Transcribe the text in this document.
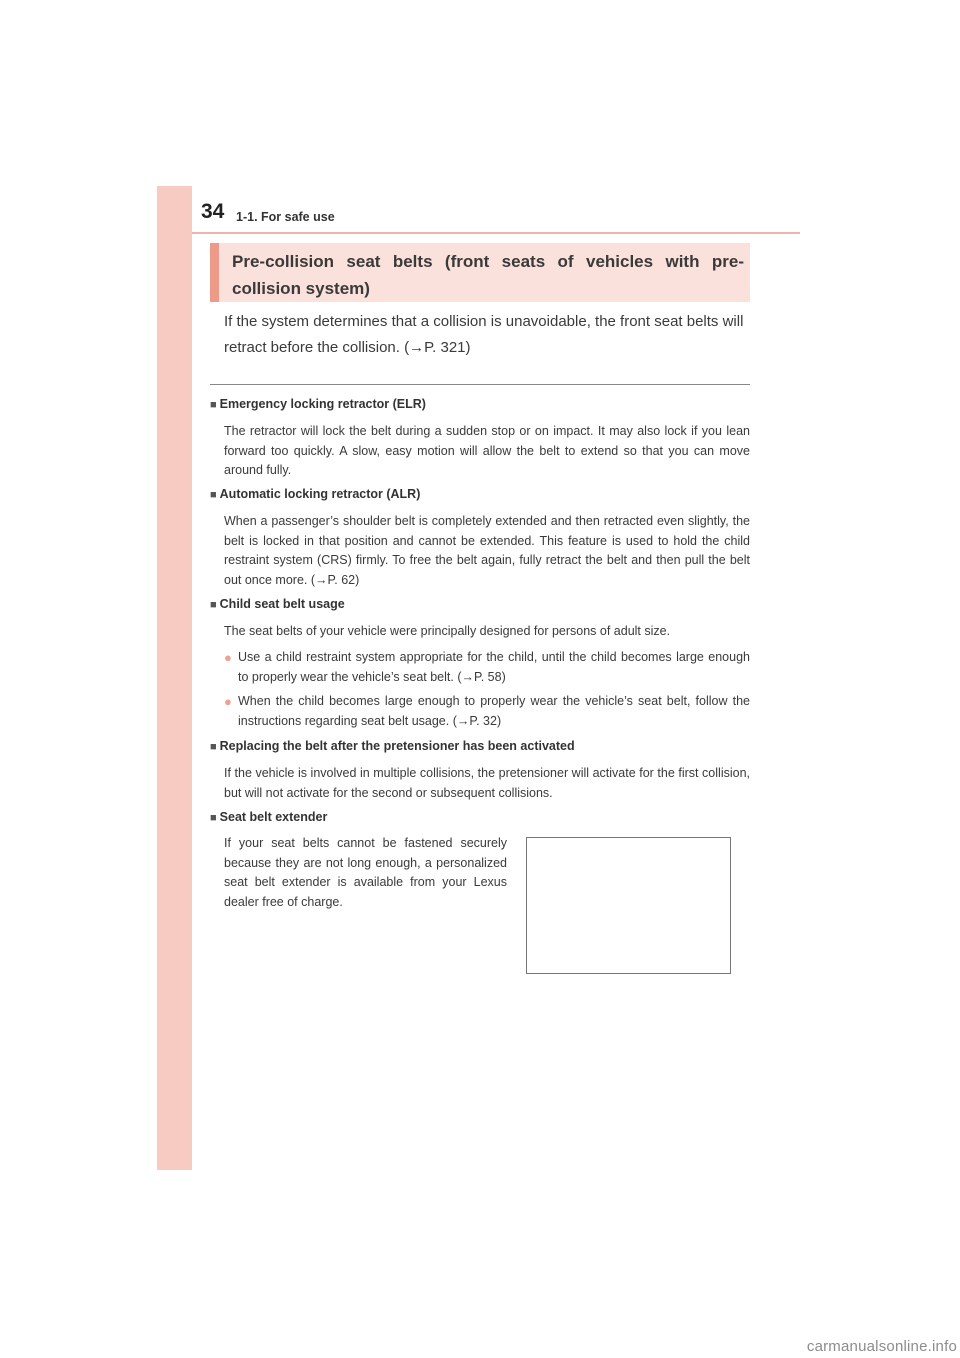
34 1-1. For safe use
Pre-collision seat belts (front seats of vehicles with pre-collision system)
If the system determines that a collision is unavoidable, the front seat belts will retract before the collision. (→P. 321)
■ Emergency locking retractor (ELR)
The retractor will lock the belt during a sudden stop or on impact. It may also lock if you lean forward too quickly. A slow, easy motion will allow the belt to extend so that you can move around fully.
■ Automatic locking retractor (ALR)
When a passenger’s shoulder belt is completely extended and then retracted even slightly, the belt is locked in that position and cannot be extended. This feature is used to hold the child restraint system (CRS) firmly. To free the belt again, fully retract the belt and then pull the belt out once more. (→P. 62)
■ Child seat belt usage
The seat belts of your vehicle were principally designed for persons of adult size.
● Use a child restraint system appropriate for the child, until the child becomes large enough to properly wear the vehicle’s seat belt. (→P. 58)
● When the child becomes large enough to properly wear the vehicle’s seat belt, follow the instructions regarding seat belt usage. (→P. 32)
■ Replacing the belt after the pretensioner has been activated
If the vehicle is involved in multiple collisions, the pretensioner will activate for the first collision, but will not activate for the second or subsequent collisions.
■ Seat belt extender
If your seat belts cannot be fastened securely because they are not long enough, a personalized seat belt extender is available from your Lexus dealer free of charge.
carmanualsonline.info
